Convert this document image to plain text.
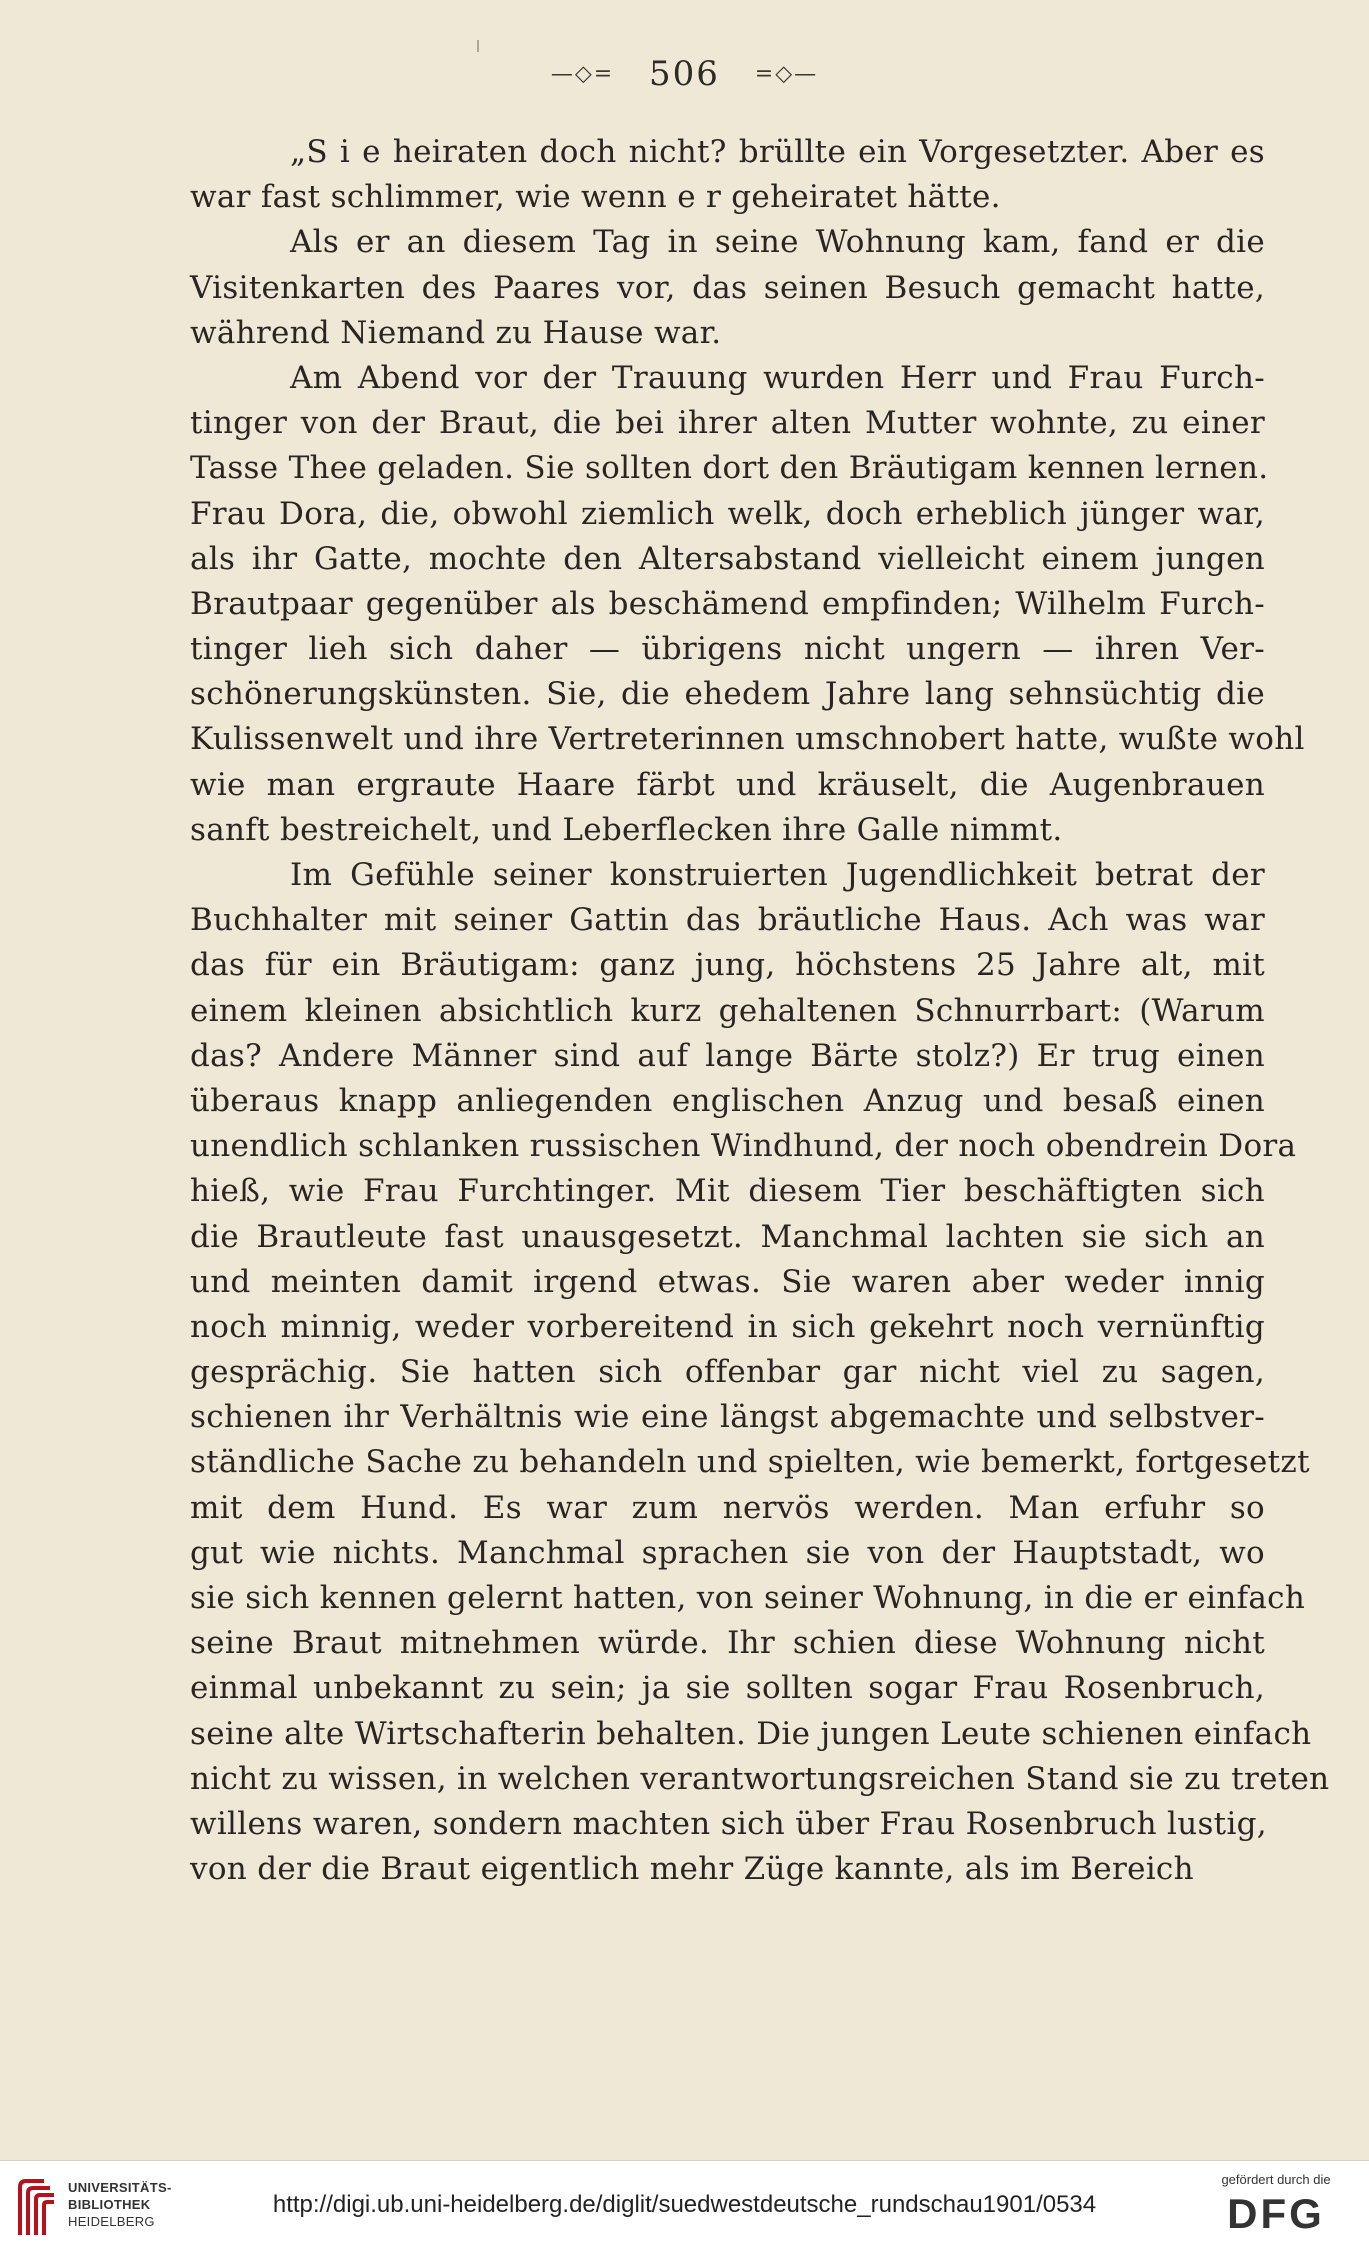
—◇= 506 =◇—
„S i e heiraten doch nicht? brüllte ein Vorgesetzter. Aber es
war fast schlimmer, wie wenn e r geheiratet hätte.
Als er an diesem Tag in seine Wohnung kam, fand er die
Visitenkarten des Paares vor, das seinen Besuch gemacht hatte,
während Niemand zu Hause war.
Am Abend vor der Trauung wurden Herr und Frau Furch-
tinger von der Braut, die bei ihrer alten Mutter wohnte, zu einer
Tasse Thee geladen. Sie sollten dort den Bräutigam kennen lernen.
Frau Dora, die, obwohl ziemlich welk, doch erheblich jünger war,
als ihr Gatte, mochte den Altersabstand vielleicht einem jungen
Brautpaar gegenüber als beschämend empfinden; Wilhelm Furch-
tinger lieh sich daher — übrigens nicht ungern — ihren Ver-
schönerungskünsten. Sie, die ehedem Jahre lang sehnsüchtig die
Kulissenwelt und ihre Vertreterinnen umschnobert hatte, wußte wohl
wie man ergraute Haare färbt und kräuselt, die Augenbrauen
sanft bestreichelt, und Leberflecken ihre Galle nimmt.
Im Gefühle seiner konstruierten Jugendlichkeit betrat der
Buchhalter mit seiner Gattin das bräutliche Haus. Ach was war
das für ein Bräutigam: ganz jung, höchstens 25 Jahre alt, mit
einem kleinen absichtlich kurz gehaltenen Schnurrbart: (Warum
das? Andere Männer sind auf lange Bärte stolz?) Er trug einen
überaus knapp anliegenden englischen Anzug und besaß einen
unendlich schlanken russischen Windhund, der noch obendrein Dora
hieß, wie Frau Furchtinger. Mit diesem Tier beschäftigten sich
die Brautleute fast unausgesetzt. Manchmal lachten sie sich an
und meinten damit irgend etwas. Sie waren aber weder innig
noch minnig, weder vorbereitend in sich gekehrt noch vernünftig
gesprächig. Sie hatten sich offenbar gar nicht viel zu sagen,
schienen ihr Verhältnis wie eine längst abgemachte und selbstver-
ständliche Sache zu behandeln und spielten, wie bemerkt, fortgesetzt
mit dem Hund. Es war zum nervös werden. Man erfuhr so
gut wie nichts. Manchmal sprachen sie von der Hauptstadt, wo
sie sich kennen gelernt hatten, von seiner Wohnung, in die er einfach
seine Braut mitnehmen würde. Ihr schien diese Wohnung nicht
einmal unbekannt zu sein; ja sie sollten sogar Frau Rosenbruch,
seine alte Wirtschafterin behalten. Die jungen Leute schienen einfach
nicht zu wissen, in welchen verantwortungsreichen Stand sie zu treten
willens waren, sondern machten sich über Frau Rosenbruch lustig,
von der die Braut eigentlich mehr Züge kannte, als im Bereich
UNIVERSITÄTS-
BIBLIOTHEK
HEIDELBERG
http://digi.ub.uni-heidelberg.de/diglit/suedwestdeutsche_rundschau1901/0534
gefördert durch die
DFG
